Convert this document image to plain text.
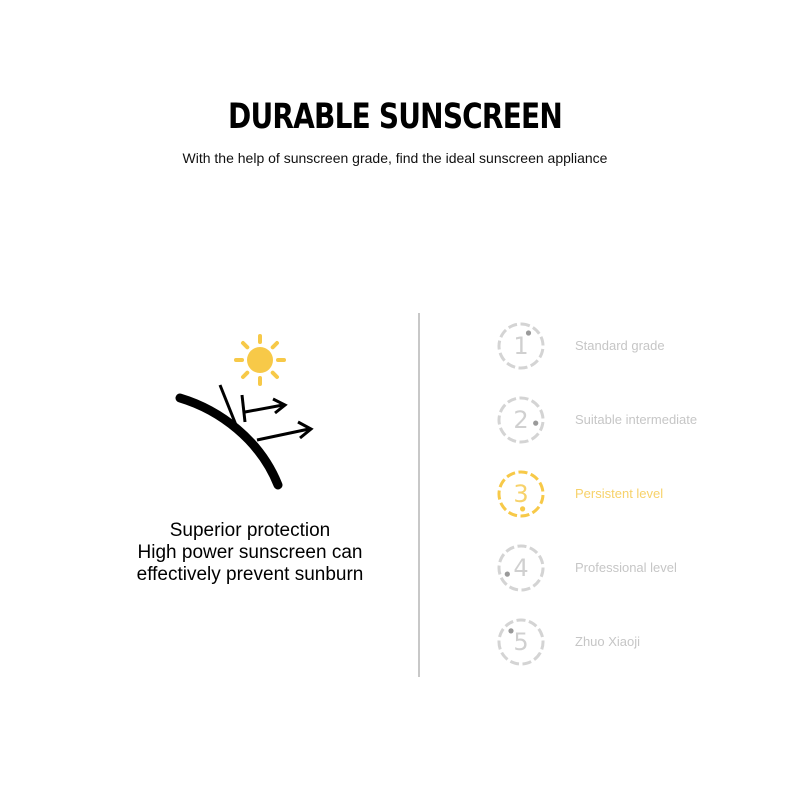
DURABLE SUNSCREEN
With the help of sunscreen grade, find the ideal sunscreen appliance
Superior protection
High power sunscreen can
effectively prevent sunburn
1	Standard grade
2	Suitable intermediate
3	Persistent level
4	Professional level
5	Zhuo Xiaoji
